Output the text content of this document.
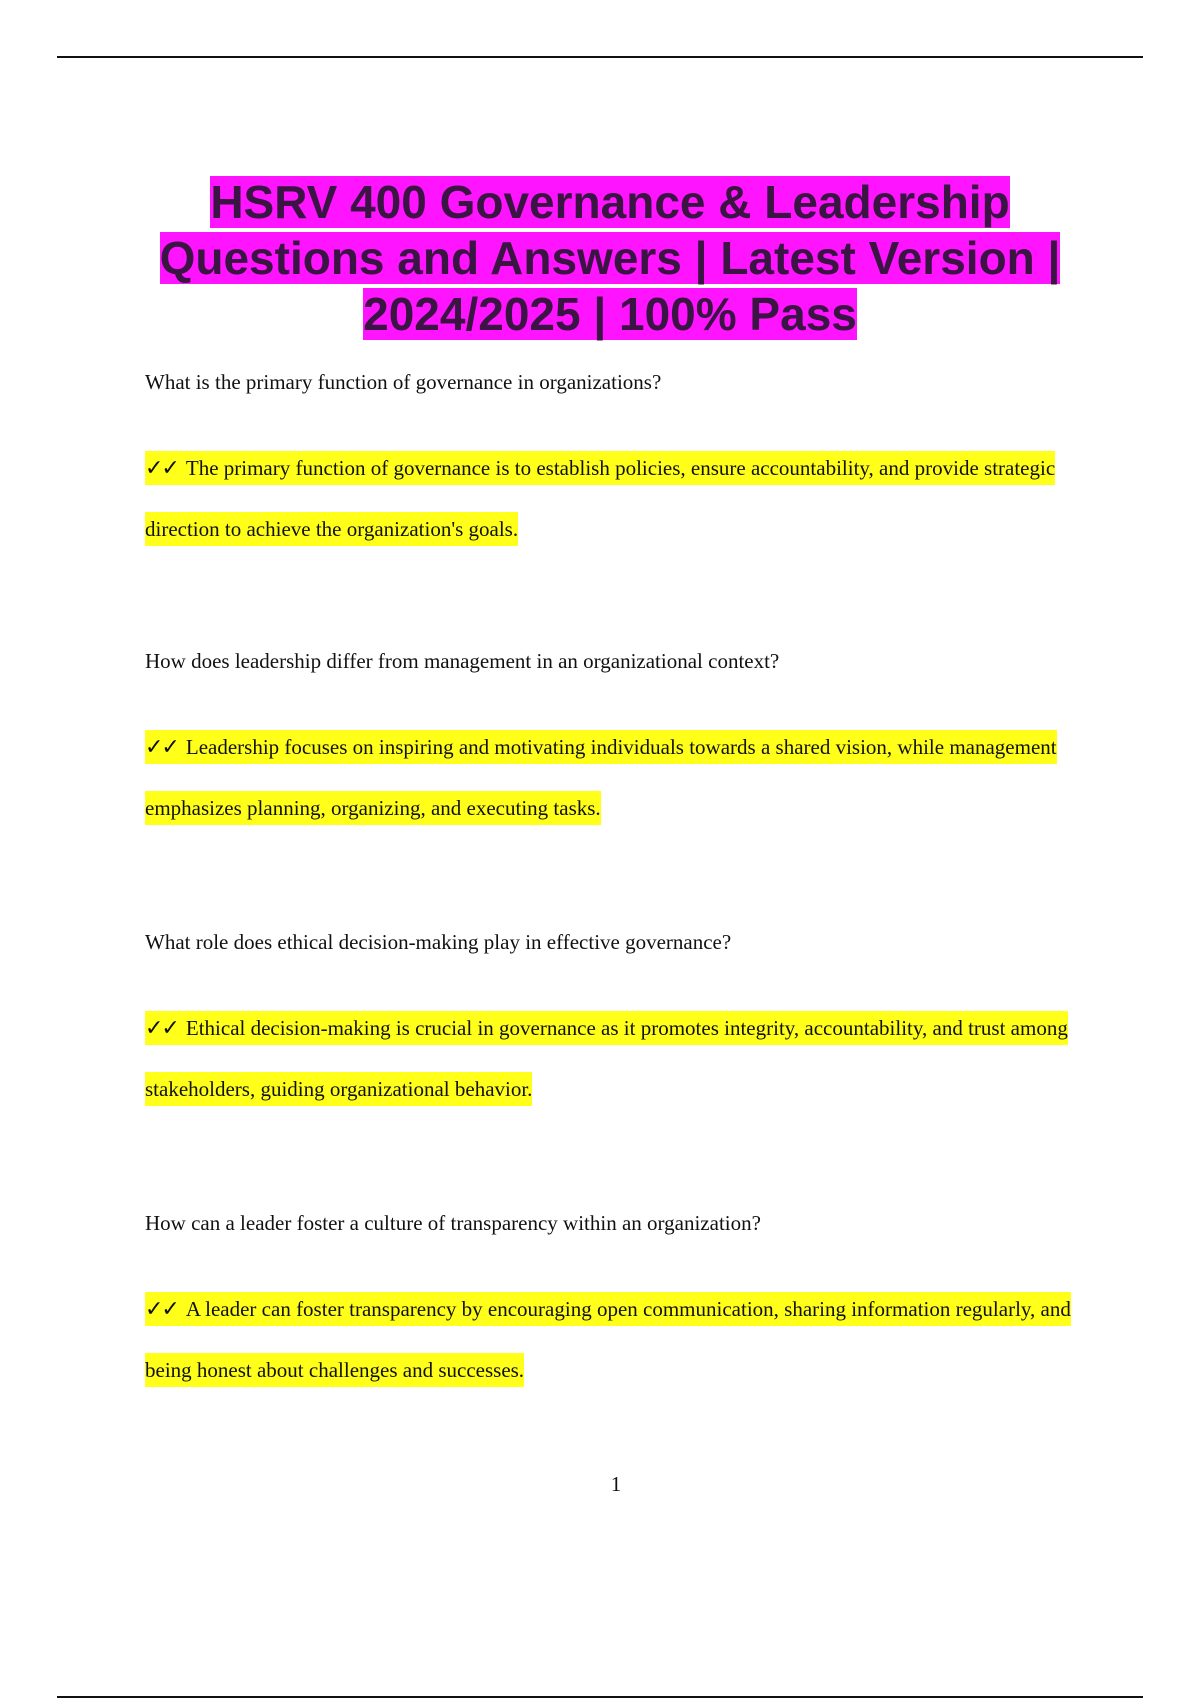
HSRV 400 Governance & Leadership Questions and Answers | Latest Version | 2024/2025 | 100% Pass

What is the primary function of governance in organizations?

✓✓ The primary function of governance is to establish policies, ensure accountability, and provide strategic direction to achieve the organization's goals.

How does leadership differ from management in an organizational context?

✓✓ Leadership focuses on inspiring and motivating individuals towards a shared vision, while management emphasizes planning, organizing, and executing tasks.

What role does ethical decision-making play in effective governance?

✓✓ Ethical decision-making is crucial in governance as it promotes integrity, accountability, and trust among stakeholders, guiding organizational behavior.

How can a leader foster a culture of transparency within an organization?

✓✓ A leader can foster transparency by encouraging open communication, sharing information regularly, and being honest about challenges and successes.

1
